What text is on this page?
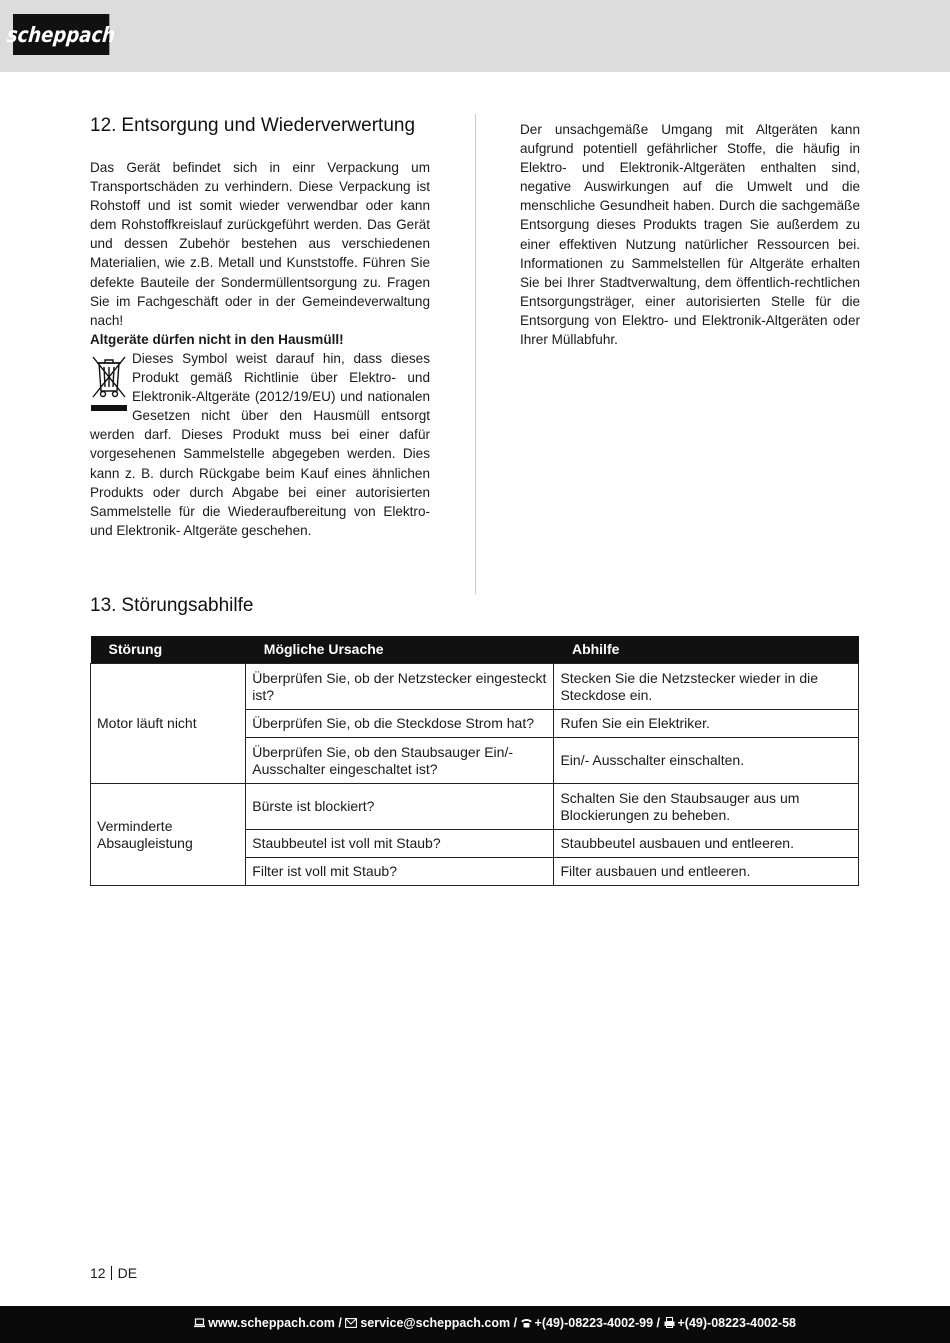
scheppach
12. Entsorgung und Wiederverwertung

Das Gerät befindet sich in einr Verpackung um Transportschäden zu verhindern. Diese Verpackung ist Rohstoff und ist somit wieder verwendbar oder kann dem Rohstoffkreislauf zurückgeführt werden. Das Gerät und dessen Zubehör bestehen aus verschiedenen Materialien, wie z.B. Metall und Kunststoffe. Führen Sie defekte Bauteile der Sondermüllentsorgung zu. Fragen Sie im Fachgeschäft oder in der Gemeindeverwaltung nach!

Altgeräte dürfen nicht in den Hausmüll!

Dieses Symbol weist darauf hin, dass dieses Produkt gemäß Richtlinie über Elektro- und Elektronik-Altgeräte (2012/19/EU) und nationalen Gesetzen nicht über den Hausmüll entsorgt werden darf. Dieses Produkt muss bei einer dafür vorgesehenen Sammelstelle abgegeben werden. Dies kann z. B. durch Rückgabe beim Kauf eines ähnlichen Produkts oder durch Abgabe bei einer autorisierten Sammelstelle für die Wiederaufbereitung von Elektro- und Elektronik- Altgeräte geschehen.

Der unsachgemäße Umgang mit Altgeräten kann aufgrund potentiell gefährlicher Stoffe, die häufig in Elektro- und Elektronik-Altgeräten enthalten sind, negative Auswirkungen auf die Umwelt und die menschliche Gesundheit haben. Durch die sachgemäße Entsorgung dieses Produkts tragen Sie außerdem zu einer effektiven Nutzung natürlicher Ressourcen bei. Informationen zu Sammelstellen für Altgeräte erhalten Sie bei Ihrer Stadtverwaltung, dem öffentlich-rechtlichen Entsorgungsträger, einer autorisierten Stelle für die Entsorgung von Elektro- und Elektronik-Altgeräten oder Ihrer Müllabfuhr.

13. Störungsabhilfe
Störung	Mögliche Ursache	Abhilfe
Motor läuft nicht	Überprüfen Sie, ob der Netzstecker eingesteckt ist?	Stecken Sie die Netzstecker wieder in die Steckdose ein.
	Überprüfen Sie, ob die Steckdose Strom hat?	Rufen Sie ein Elektriker.
	Überprüfen Sie, ob den Staubsauger Ein/-Ausschalter eingeschaltet ist?	Ein/- Ausschalter einschalten.
Verminderte Absaugleistung	Bürste ist blockiert?	Schalten Sie den Staubsauger aus um Blockierungen zu beheben.
	Staubbeutel ist voll mit Staub?	Staubbeutel ausbauen und entleeren.
	Filter ist voll mit Staub?	Filter ausbauen und entleeren.
12 DE
www.scheppach.com / service@scheppach.com / +(49)-08223-4002-99 / +(49)-08223-4002-58
